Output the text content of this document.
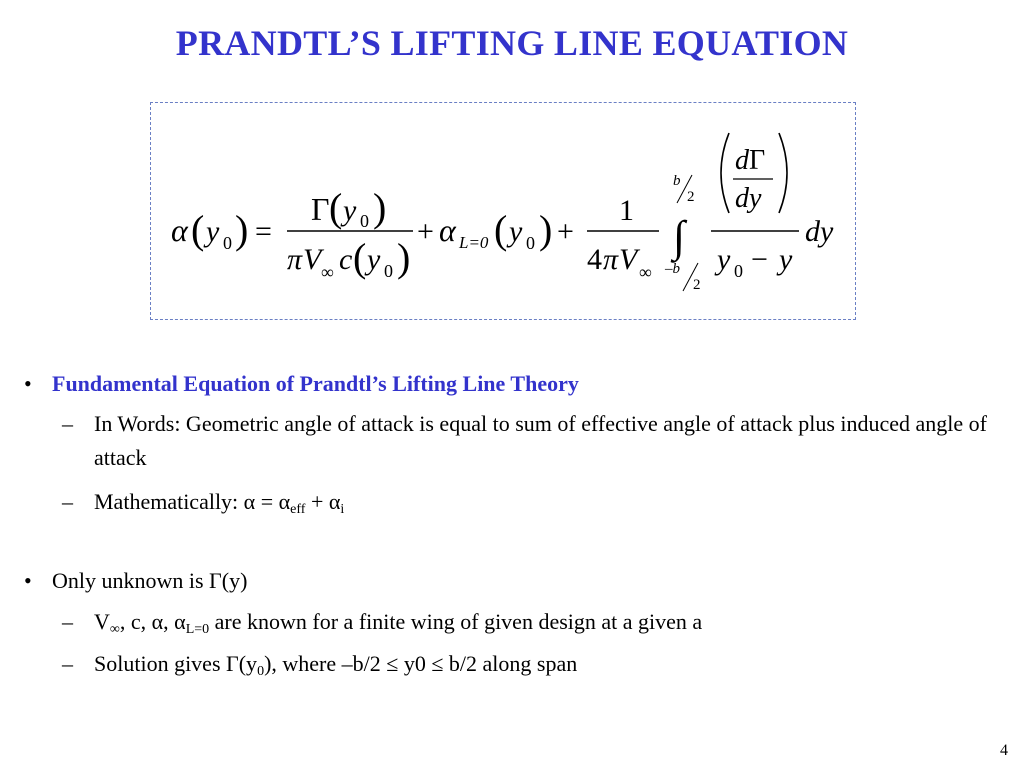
PRANDTL’S LIFTING LINE EQUATION
α ( y 0 ) =
Γ ( y 0 )
π V ∞ c ( y 0 )
+ α L=0 ( y 0 ) +
1
4 π V ∞
b
2
∫
–b
2
d Γ
dy
y 0 − y
dy
• Fundamental Equation of Prandtl’s Lifting Line Theory
– In Words: Geometric angle of attack is equal to sum of effective angle of attack plus induced angle of attack
– Mathematically: $\alpha = \alpha_{eff} + \alpha_i$
• Only unknown is Γ(y)
– $V_\infty$, c, α, $\alpha_{L=0}$ are known for a finite wing of given design at a given a
– Solution gives $\Gamma(y_0)$, where –b/2 ≤ y0 ≤ b/2 along span
4
